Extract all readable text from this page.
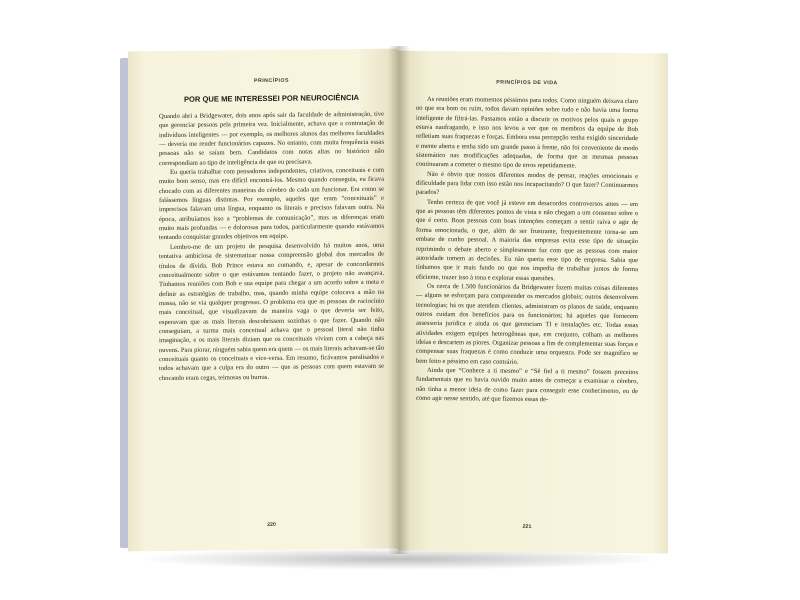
PRINCÍPIOS
POR QUE ME INTERESSEI POR NEUROCIÊNCIA

Quando abri a Bridgewater, dois anos após sair da faculdade de administração, tive que gerenciar pessoas pela primeira vez. Inicialmente, achava que a contratação de indivíduos inteligentes — por exemplo, os melhores alunos das melhores faculdades — deveria me render funcionários capazes. No entanto, com muita frequência essas pessoas não se saíam bem. Candidatos com notas altas no histórico não correspondiam ao tipo de inteligência de que eu precisava.

Eu queria trabalhar com pensadores independentes, criativos, conceituais e com muito bom senso, mas era difícil encontrá-los. Mesmo quando conseguia, eu ficava chocado com as diferentes maneiras do cérebro de cada um funcionar. Era como se falássemos línguas distintas. Por exemplo, aqueles que eram “conceituais” e imprecisos falavam uma língua, enquanto os literais e precisos falavam outra. Na época, atribuíamos isso a “problemas de comunicação”, mas as diferenças eram muito mais profundas — e dolorosas para todos, particularmente quando estávamos tentando conquistar grandes objetivos em equipe.

Lembro-me de um projeto de pesquisa desenvolvido há muitos anos, uma tentativa ambiciosa de sistematizar nossa compreensão global dos mercados de títulos de dívida. Bob Prince estava no comando, e, apesar de concordarmos conceitualmente sobre o que estávamos tentando fazer, o projeto não avançava. Tínhamos reuniões com Bob e sua equipe para chegar a um acordo sobre a meta e definir as estratégias de trabalho, mas, quando minha equipe colocava a mão na massa, não se via qualquer progresso. O problema era que as pessoas de raciocínio mais conceitual, que visualizavam de maneira vaga o que deveria ser feito, esperavam que as mais literais descobrissem sozinhas o que fazer. Quando não conseguiam, a turma mais conceitual achava que o pessoal literal não tinha imaginação, e os mais literais diziam que os conceituais viviam com a cabeça nas nuvens. Para piorar, ninguém sabia quem era quem — os mais literais achavam-se tão conceituais quanto os conceituais e vice-versa. Em resumo, ficávamos paralisados e todos achavam que a culpa era do outro — que as pessoas com quem estavam se chocando eram cegas, teimosas ou burras.

220
PRINCÍPIOS DE VIDA

As reuniões eram momentos péssimos para todos. Como ninguém deixava claro no que era bom ou ruim, todos davam opiniões sobre tudo e não havia uma forma inteligente de filtrá-las. Passamos então a discutir os motivos pelos quais o grupo estava naufragando, e isso nos levou a ver que os membros da equipe de Bob refletiam suas fraquezas e forças. Embora essa percepção tenha exigido sinceridade e mente aberta e tenha sido um grande passo à frente, não foi conveniente de modo sistemático nas modificações adequadas, de forma que as mesmas pessoas continuaram a cometer o mesmo tipo de erros repetidamente.

Não é óbvio que nossos diferentes modos de pensar, reações emocionais e dificuldade para lidar com isso estão nos incapacitando? O que fazer? Continuarmos parados?

Tenho certeza de que você já esteve em desacordos controversos antes — em que as pessoas têm diferentes pontos de vista e não chegam a um consenso sobre o que é certo. Boas pessoas com boas intenções começam a sentir raiva e agir de forma emocionada, o que, além de ser frustrante, frequentemente torna-se um embate de cunho pessoal. A maioria das empresas evita esse tipo de situação reprimindo o debate aberto e simplesmente faz com que as pessoas com maior autoridade tomem as decisões. Eu não queria esse tipo de empresa. Sabia que tínhamos que ir mais fundo no que nos impedia de trabalhar juntos de forma eficiente, trazer isso à tona e explorar essas questões.

Os cerca de 1.500 funcionários da Bridgewater fazem muitas coisas diferentes — alguns se esforçam para compreender os mercados globais; outros desenvolvem tecnologias; há os que atendem clientes, administram os planos de saúde, enquanto outros cuidam dos benefícios para os funcionários; há aqueles que fornecem assessoria jurídica e ainda os que gerenciam TI e instalações etc. Todas essas atividades exigem equipes heterogêneas que, em conjunto, colham as melhores ideias e descartem as piores. Organizar pessoas a fim de complementar suas forças e compensar suas fraquezas é como conduzir uma orquestra. Pode ser magnífico se bem feito e péssimo em caso contrário.

Ainda que “Conhece a ti mesmo” e “Sê fiel a ti mesmo” fossem preceitos fundamentais que eu havia ouvido muito antes de começar a examinar o cérebro, não tinha a menor ideia de como fazer para conseguir esse conhecimento, eu de como agir nesse sentido, até que fizemos essas de-

221
